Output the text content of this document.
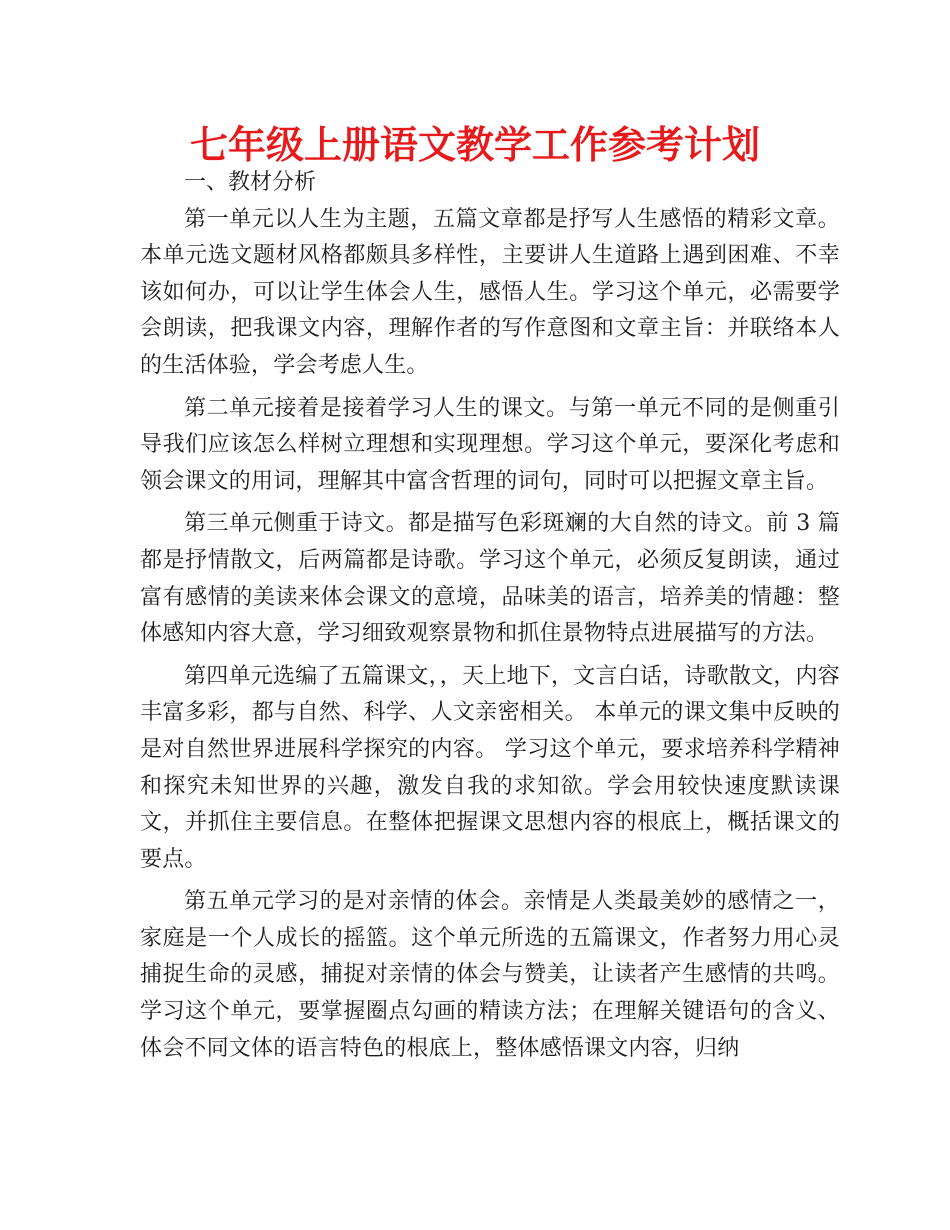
七年级上册语文教学工作参考计划
一、教材分析

第一单元以人生为主题，五篇文章都是抒写人生感悟的精彩文章。本单元选文题材风格都颇具多样性，主要讲人生道路上遇到困难、不幸该如何办，可以让学生体会人生，感悟人生。学习这个单元，必需要学会朗读，把我课文内容，理解作者的写作意图和文章主旨：并联络本人的生活体验，学会考虑人生。

第二单元接着是接着学习人生的课文。与第一单元不同的是侧重引导我们应该怎么样树立理想和实现理想。学习这个单元，要深化考虑和领会课文的用词，理解其中富含哲理的词句，同时可以把握文章主旨。

第三单元侧重于诗文。都是描写色彩斑斓的大自然的诗文。前 3 篇都是抒情散文，后两篇都是诗歌。学习这个单元，必须反复朗读，通过富有感情的美读来体会课文的意境，品味美的语言，培养美的情趣：整体感知内容大意，学习细致观察景物和抓住景物特点进展描写的方法。

第四单元选编了五篇课文，，天上地下，文言白话，诗歌散文，内容丰富多彩，都与自然、科学、人文亲密相关。 本单元的课文集中反映的是对自然世界进展科学探究的内容。 学习这个单元，要求培养科学精神和探究未知世界的兴趣，激发自我的求知欲。学会用较快速度默读课文，并抓住主要信息。在整体把握课文思想内容的根底上，概括课文的要点。

第五单元学习的是对亲情的体会。亲情是人类最美妙的感情之一，家庭是一个人成长的摇篮。这个单元所选的五篇课文，作者努力用心灵捕捉生命的灵感，捕捉对亲情的体会与赞美，让读者产生感情的共鸣。学习这个单元，要掌握圈点勾画的精读方法；在理解关键语句的含义、体会不同文体的语言特色的根底上，整体感悟课文内容，归纳
